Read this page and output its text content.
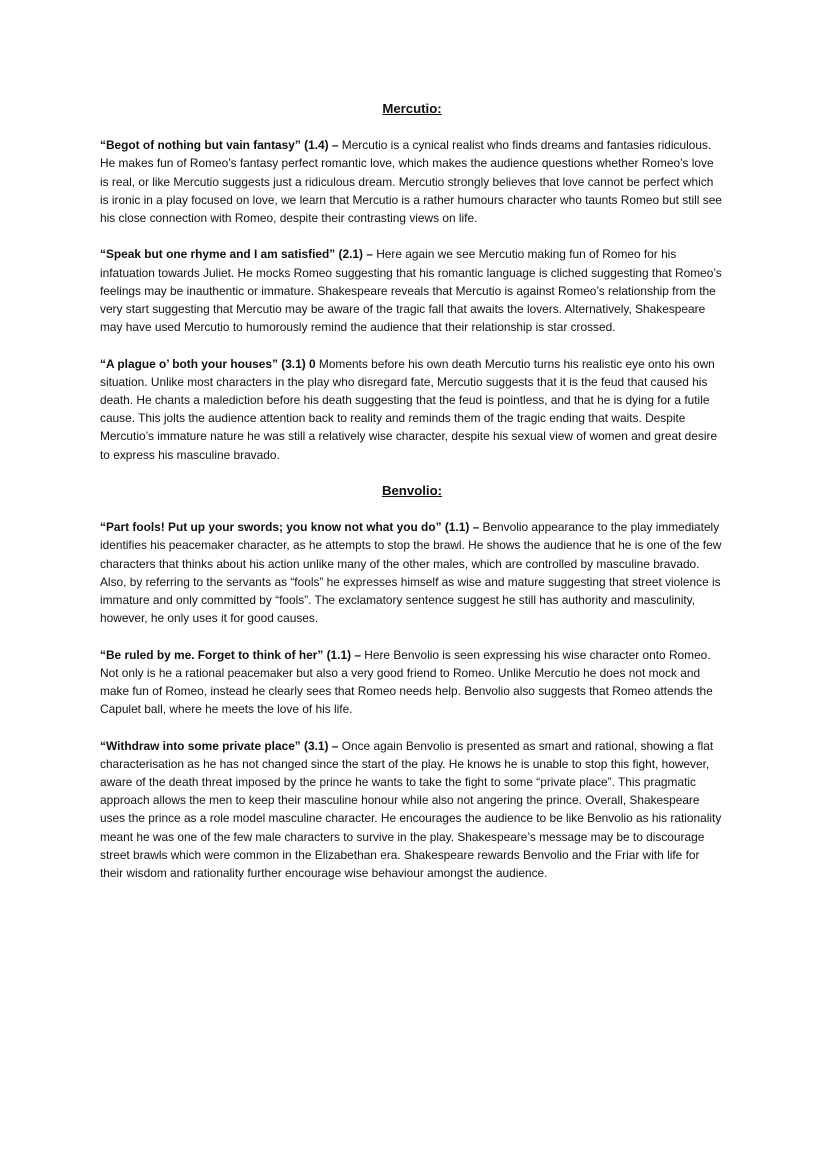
Mercutio:

“Begot of nothing but vain fantasy” (1.4) – Mercutio is a cynical realist who finds dreams and fantasies ridiculous. He makes fun of Romeo’s fantasy perfect romantic love, which makes the audience questions whether Romeo’s love is real, or like Mercutio suggests just a ridiculous dream. Mercutio strongly believes that love cannot be perfect which is ironic in a play focused on love, we learn that Mercutio is a rather humours character who taunts Romeo but still see his close connection with Romeo, despite their contrasting views on life.

“Speak but one rhyme and I am satisfied” (2.1) – Here again we see Mercutio making fun of Romeo for his infatuation towards Juliet. He mocks Romeo suggesting that his romantic language is cliched suggesting that Romeo’s feelings may be inauthentic or immature. Shakespeare reveals that Mercutio is against Romeo’s relationship from the very start suggesting that Mercutio may be aware of the tragic fall that awaits the lovers. Alternatively, Shakespeare may have used Mercutio to humorously remind the audience that their relationship is star crossed.

“A plague o’ both your houses” (3.1) 0 Moments before his own death Mercutio turns his realistic eye onto his own situation. Unlike most characters in the play who disregard fate, Mercutio suggests that it is the feud that caused his death. He chants a malediction before his death suggesting that the feud is pointless, and that he is dying for a futile cause. This jolts the audience attention back to reality and reminds them of the tragic ending that waits. Despite Mercutio’s immature nature he was still a relatively wise character, despite his sexual view of women and great desire to express his masculine bravado.

Benvolio:

“Part fools! Put up your swords; you know not what you do” (1.1) – Benvolio appearance to the play immediately identifies his peacemaker character, as he attempts to stop the brawl. He shows the audience that he is one of the few characters that thinks about his action unlike many of the other males, which are controlled by masculine bravado. Also, by referring to the servants as “fools” he expresses himself as wise and mature suggesting that street violence is immature and only committed by “fools”. The exclamatory sentence suggest he still has authority and masculinity, however, he only uses it for good causes.

“Be ruled by me. Forget to think of her” (1.1) – Here Benvolio is seen expressing his wise character onto Romeo. Not only is he a rational peacemaker but also a very good friend to Romeo. Unlike Mercutio he does not mock and make fun of Romeo, instead he clearly sees that Romeo needs help. Benvolio also suggests that Romeo attends the Capulet ball, where he meets the love of his life.

“Withdraw into some private place” (3.1) – Once again Benvolio is presented as smart and rational, showing a flat characterisation as he has not changed since the start of the play. He knows he is unable to stop this fight, however, aware of the death threat imposed by the prince he wants to take the fight to some “private place”. This pragmatic approach allows the men to keep their masculine honour while also not angering the prince. Overall, Shakespeare uses the prince as a role model masculine character. He encourages the audience to be like Benvolio as his rationality meant he was one of the few male characters to survive in the play. Shakespeare’s message may be to discourage street brawls which were common in the Elizabethan era. Shakespeare rewards Benvolio and the Friar with life for their wisdom and rationality further encourage wise behaviour amongst the audience.
